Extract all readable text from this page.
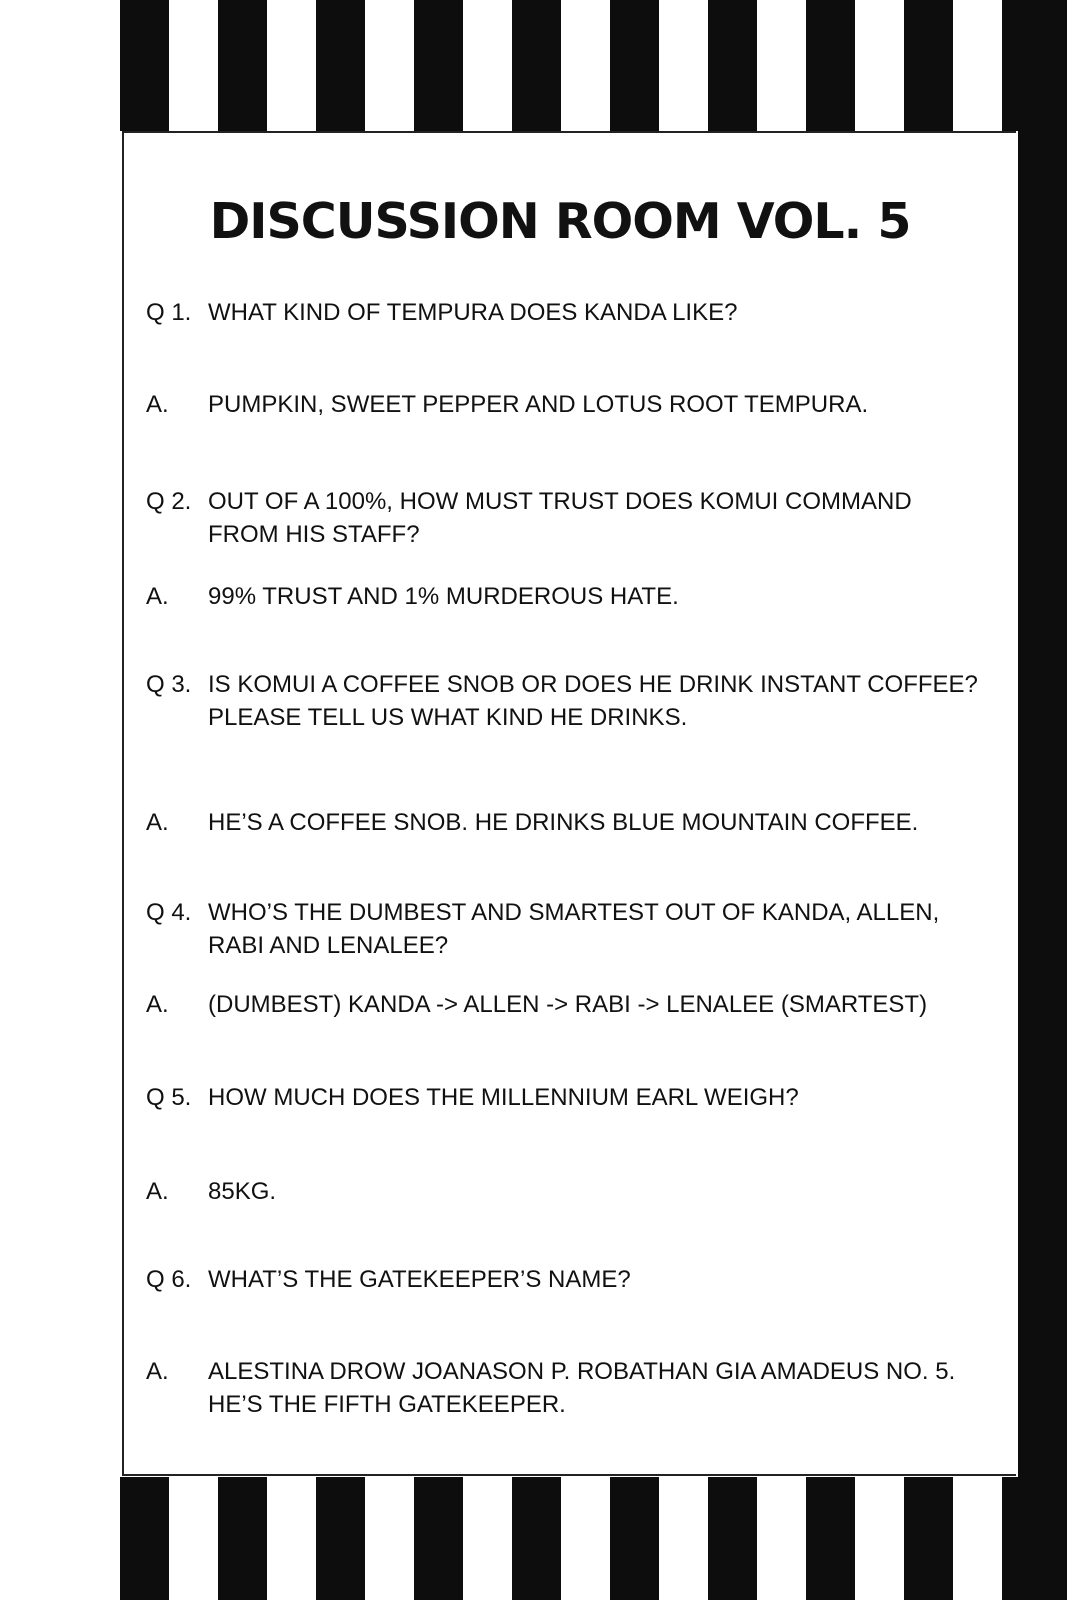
DISCUSSION ROOM VOL. 5
Q 1. WHAT KIND OF TEMPURA DOES KANDA LIKE?
A.	PUMPKIN, SWEET PEPPER AND LOTUS ROOT TEMPURA.
Q 2. OUT OF A 100%, HOW MUST TRUST DOES KOMUI COMMAND
FROM HIS STAFF?
A.	99% TRUST AND 1% MURDEROUS HATE.
Q 3. IS KOMUI A COFFEE SNOB OR DOES HE DRINK INSTANT COFFEE?
PLEASE TELL US WHAT KIND HE DRINKS.
A.	HE’S A COFFEE SNOB. HE DRINKS BLUE MOUNTAIN COFFEE.
Q 4. WHO’S THE DUMBEST AND SMARTEST OUT OF KANDA, ALLEN,
RABI AND LENALEE?
A.	(DUMBEST) KANDA -> ALLEN -> RABI -> LENALEE (SMARTEST)
Q 5. HOW MUCH DOES THE MILLENNIUM EARL WEIGH?
A.	85KG.
Q 6. WHAT’S THE GATEKEEPER’S NAME?
A.	ALESTINA DROW JOANASON P. ROBATHAN GIA AMADEUS NO. 5.
HE’S THE FIFTH GATEKEEPER.
